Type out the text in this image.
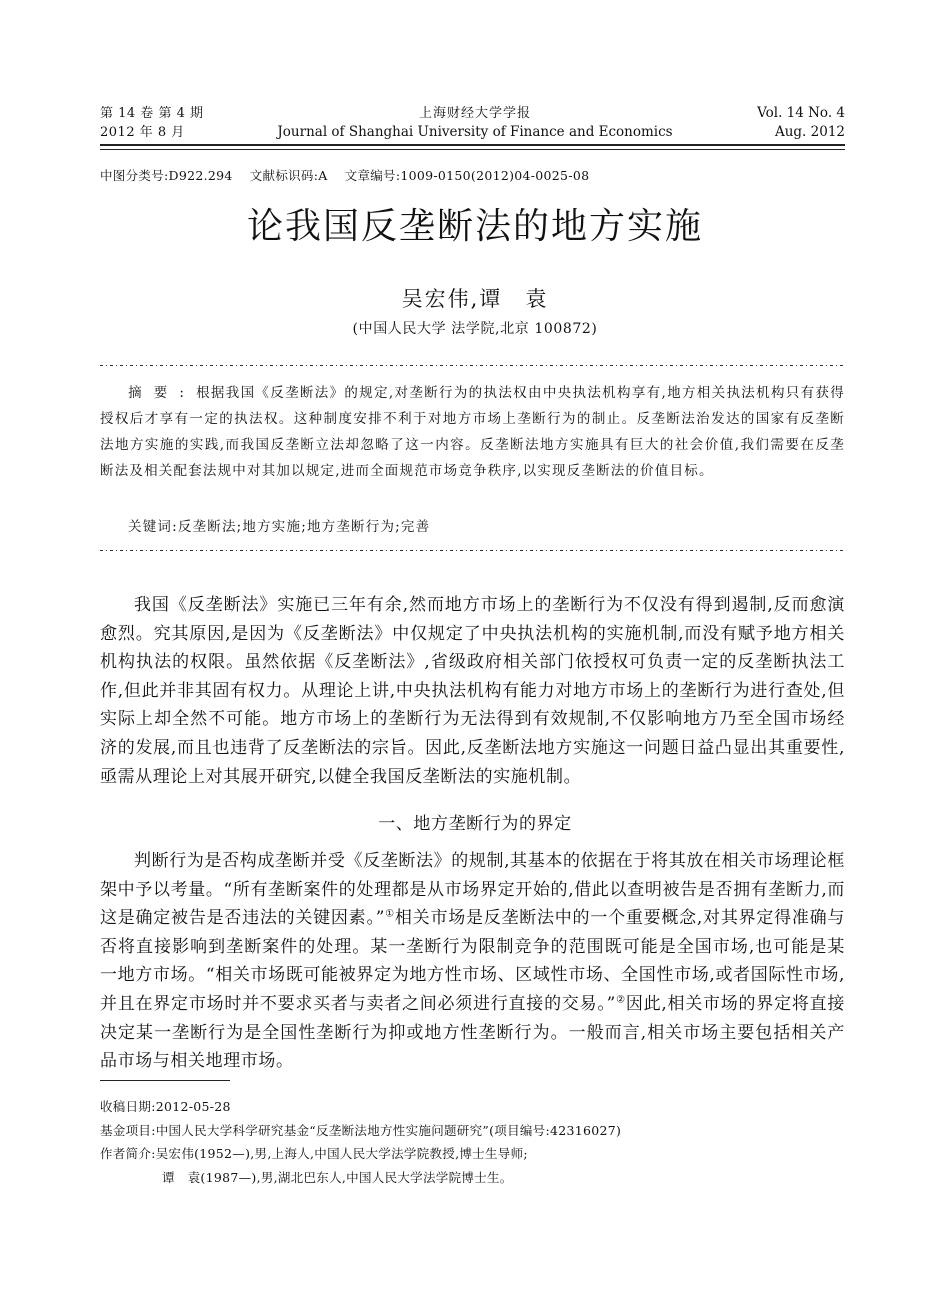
第 14 卷 第 4 期
2012 年 8 月
上海财经大学学报
Journal of Shanghai University of Finance and Economics
Vol. 14 No. 4
Aug. 2012
中图分类号:D922.294    文献标识码:A    文章编号:1009-0150(2012)04-0025-08
论我国反垄断法的地方实施
吴宏伟,谭　袁
(中国人民大学 法学院,北京 100872)
摘要:根据我国《反垄断法》的规定,对垄断行为的执法权由中央执法机构享有,地方相关执法机构只有获得授权后才享有一定的执法权。这种制度安排不利于对地方市场上垄断行为的制止。反垄断法治发达的国家有反垄断法地方实施的实践,而我国反垄断立法却忽略了这一内容。反垄断法地方实施具有巨大的社会价值,我们需要在反垄断法及相关配套法规中对其加以规定,进而全面规范市场竞争秩序,以实现反垄断法的价值目标。
关键词:反垄断法;地方实施;地方垄断行为;完善

我国《反垄断法》实施已三年有余,然而地方市场上的垄断行为不仅没有得到遏制,反而愈演愈烈。究其原因,是因为《反垄断法》中仅规定了中央执法机构的实施机制,而没有赋予地方相关机构执法的权限。虽然依据《反垄断法》,省级政府相关部门依授权可负责一定的反垄断执法工作,但此并非其固有权力。从理论上讲,中央执法机构有能力对地方市场上的垄断行为进行查处,但实际上却全然不可能。地方市场上的垄断行为无法得到有效规制,不仅影响地方乃至全国市场经济的发展,而且也违背了反垄断法的宗旨。因此,反垄断法地方实施这一问题日益凸显出其重要性,亟需从理论上对其展开研究,以健全我国反垄断法的实施机制。

一、地方垄断行为的界定

判断行为是否构成垄断并受《反垄断法》的规制,其基本的依据在于将其放在相关市场理论框架中予以考量。“所有垄断案件的处理都是从市场界定开始的,借此以查明被告是否拥有垄断力,而这是确定被告是否违法的关键因素。”①相关市场是反垄断法中的一个重要概念,对其界定得准确与否将直接影响到垄断案件的处理。某一垄断行为限制竞争的范围既可能是全国市场,也可能是某一地方市场。“相关市场既可能被界定为地方性市场、区域性市场、全国性市场,或者国际性市场,并且在界定市场时并不要求买者与卖者之间必须进行直接的交易。”②因此,相关市场的界定将直接决定某一垄断行为是全国性垄断行为抑或地方性垄断行为。一般而言,相关市场主要包括相关产品市场与相关地理市场。

收稿日期:2012-05-28
基金项目:中国人民大学科学研究基金“反垄断法地方性实施问题研究”(项目编号:42316027)
作者简介:吴宏伟(1952—),男,上海人,中国人民大学法学院教授,博士生导师;
谭　袁(1987—),男,湖北巴东人,中国人民大学法学院博士生。
